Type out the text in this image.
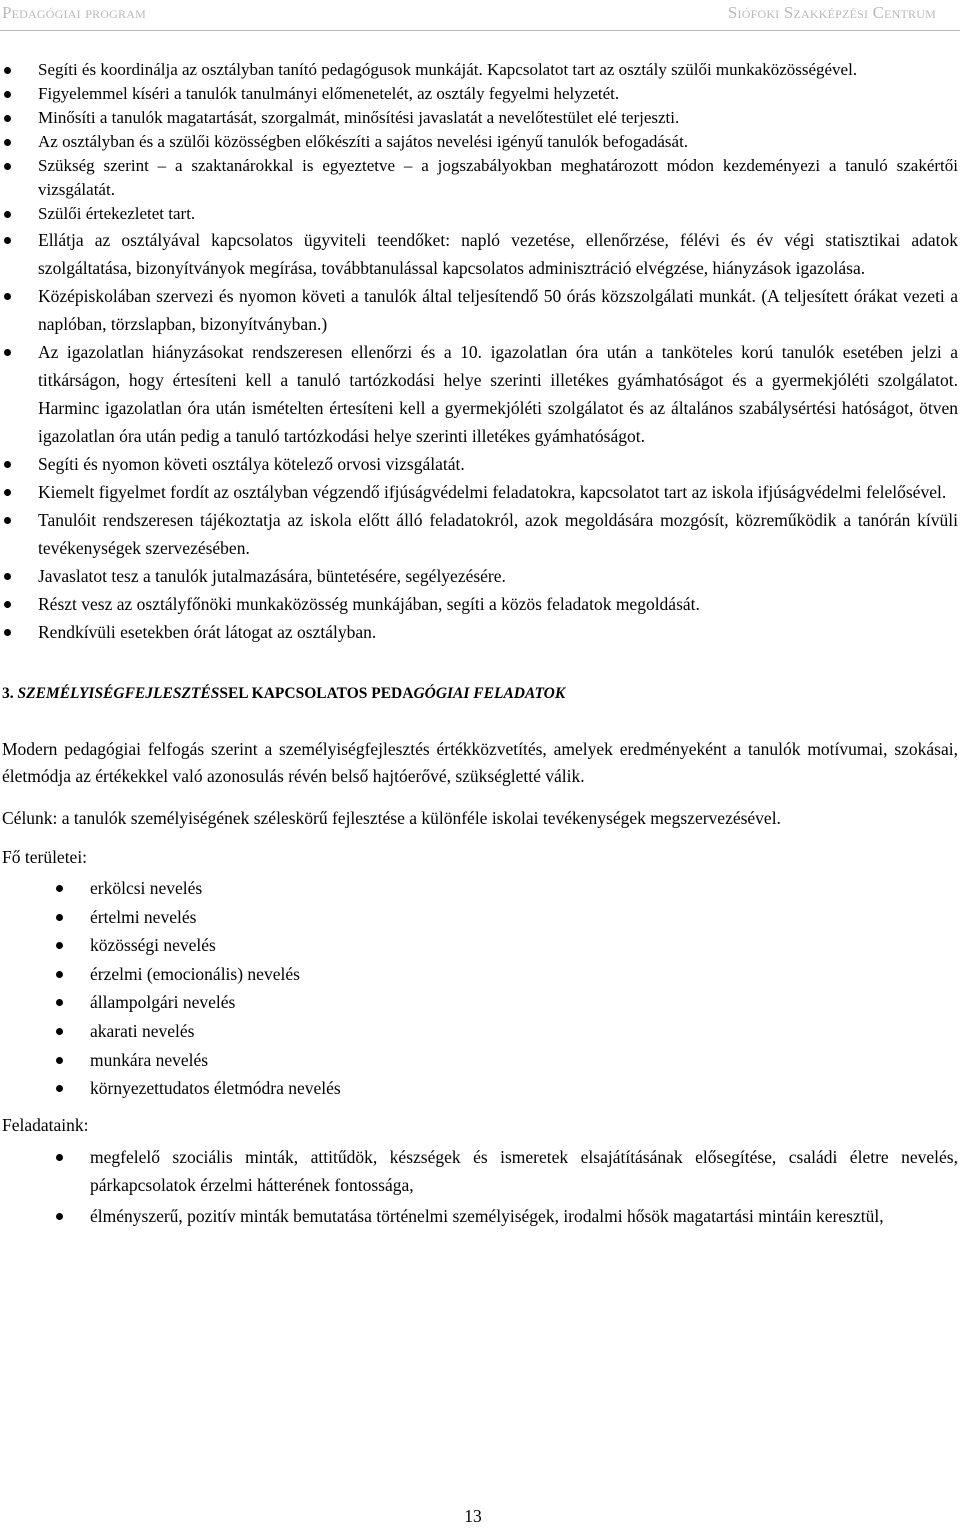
Pedagógiai program	Siófoki Szakképzési Centrum
Segíti és koordinálja az osztályban tanító pedagógusok munkáját. Kapcsolatot tart az osztály szülői munkaközösségével.
Figyelemmel kíséri a tanulók tanulmányi előmenetelét, az osztály fegyelmi helyzetét.
Minősíti a tanulók magatartását, szorgalmát, minősítési javaslatát a nevelőtestület elé terjeszti.
Az osztályban és a szülői közösségben előkészíti a sajátos nevelési igényű tanulók befogadását.
Szükség szerint – a szaktanárokkal is egyeztetve – a jogszabályokban meghatározott módon kezdeményezi a tanuló szakértői vizsgálatát.
Szülői értekezletet tart.
Ellátja az osztályával kapcsolatos ügyviteli teendőket: napló vezetése, ellenőrzése, félévi és év végi statisztikai adatok szolgáltatása, bizonyítványok megírása, továbbtanulással kapcsolatos adminisztráció elvégzése, hiányzások igazolása.
Középiskolában szervezi és nyomon követi a tanulók által teljesítendő 50 órás közszolgálati munkát. (A teljesített órákat vezeti a naplóban, törzslapban, bizonyítványban.)
Az igazolatlan hiányzásokat rendszeresen ellenőrzi és a 10. igazolatlan óra után a tanköteles korú tanulók esetében jelzi a titkárságon, hogy értesíteni kell a tanuló tartózkodási helye szerinti illetékes gyámhatóságot és a gyermekjóléti szolgálatot. Harminc igazolatlan óra után ismételten értesíteni kell a gyermekjóléti szolgálatot és az általános szabálysértési hatóságot, ötven igazolatlan óra után pedig a tanuló tartózkodási helye szerinti illetékes gyámhatóságot.
Segíti és nyomon követi osztálya kötelező orvosi vizsgálatát.
Kiemelt figyelmet fordít az osztályban végzendő ifjúságvédelmi feladatokra, kapcsolatot tart az iskola ifjúságvédelmi felelősével.
Tanulóit rendszeresen tájékoztatja az iskola előtt álló feladatokról, azok megoldására mozgósít, közreműködik a tanórán kívüli tevékenységek szervezésében.
Javaslatot tesz a tanulók jutalmazására, büntetésére, segélyezésére.
Részt vesz az osztályfőnöki munkaközösség munkájában, segíti a közös feladatok megoldását.
Rendkívüli esetekben órát látogat az osztályban.
3. SZEMÉLYISÉGFEJLESZTÉSSEL KAPCSOLATOS PEDAGÓGIAI FELADATOK

Modern pedagógiai felfogás szerint a személyiségfejlesztés értékközvetítés, amelyek eredményeként a tanulók motívumai, szokásai, életmódja az értékekkel való azonosulás révén belső hajtóerővé, szükségletté válik.

Célunk: a tanulók személyiségének széleskörű fejlesztése a különféle iskolai tevékenységek megszervezésével.

Fő területei:

erkölcsi nevelés
értelmi nevelés
közösségi nevelés
érzelmi (emocionális) nevelés
állampolgári nevelés
akarati nevelés
munkára nevelés
környezettudatos életmódra nevelés

Feladataink:

megfelelő szociális minták, attitűdök, készségek és ismeretek elsajátításának elősegítése, családi életre nevelés, párkapcsolatok érzelmi hátterének fontossága,
élményszerű, pozitív minták bemutatása történelmi személyiségek, irodalmi hősök magatartási mintáin keresztül,
13
